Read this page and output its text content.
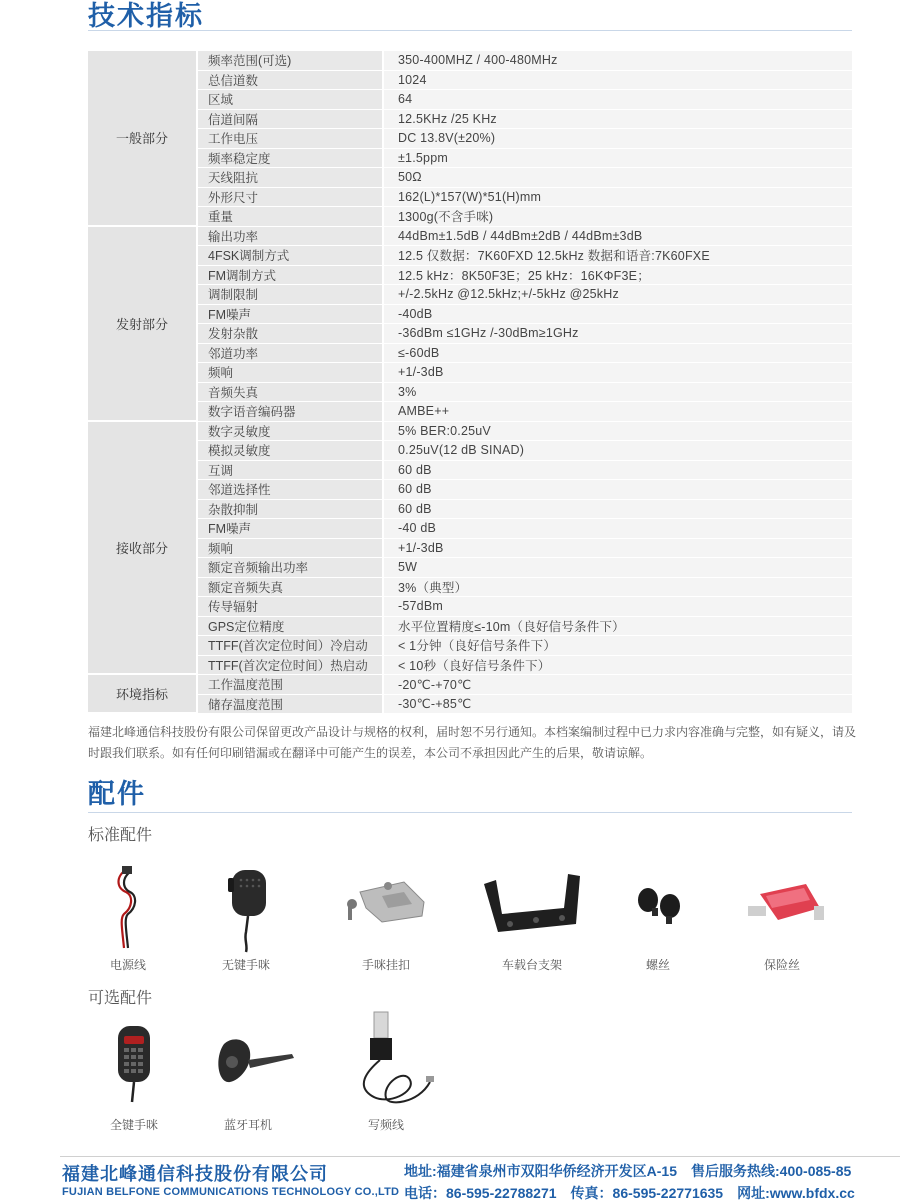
技术指标
一般部分	频率范围(可选)	350-400MHZ / 400-480MHz
	总信道数	1024
	区域	64
	信道间隔	12.5KHz /25 KHz
	工作电压	DC 13.8V(±20%)
	频率稳定度	±1.5ppm
	天线阻抗	50Ω
	外形尺寸	162(L)*157(W)*51(H)mm
	重量	1300g(不含手咪)
发射部分	输出功率	44dBm±1.5dB / 44dBm±2dB / 44dBm±3dB
	4FSK调制方式	12.5 仅数据：7K60FXD 12.5kHz 数据和语音:7K60FXE
	FM调制方式	12.5 kHz：8K50F3E；25 kHz：16KΦF3E；
	调制限制	+/-2.5kHz @12.5kHz;+/-5kHz @25kHz
	FM噪声	-40dB
	发射杂散	-36dBm ≤1GHz /-30dBm≥1GHz
	邻道功率	≤-60dB
	频响	+1/-3dB
	音频失真	3%
	数字语音编码器	AMBE++
接收部分	数字灵敏度	5% BER:0.25uV
	模拟灵敏度	0.25uV(12 dB SINAD)
	互调	60 dB
	邻道选择性	60 dB
	杂散抑制	60 dB
	FM噪声	-40 dB
	频响	+1/-3dB
	额定音频输出功率	5W
	额定音频失真	3%（典型）
	传导辐射	-57dBm
	GPS定位精度	水平位置精度≤-10m（良好信号条件下）
	TTFF(首次定位时间）冷启动	< 1分钟（良好信号条件下）
	TTFF(首次定位时间）热启动	< 10秒（良好信号条件下）
环境指标	工作温度范围	-20℃-+70℃
	储存温度范围	-30℃-+85℃
福建北峰通信科技股份有限公司保留更改产品设计与规格的权利，届时恕不另行通知。本档案编制过程中已力求内容准确与完整，如有疑义，请及时跟我们联系。如有任何印刷错漏或在翻译中可能产生的误差，本公司不承担因此产生的后果，敬请谅解。
配件
标准配件
电源线	无键手咪	手咪挂扣	车载台支架	螺丝	保险丝
可选配件
全键手咪	蓝牙耳机	写频线
福建北峰通信科技股份有限公司
FUJIAN BELFONE COMMUNICATIONS TECHNOLOGY CO.,LTD
地址:福建省泉州市双阳华侨经济开发区A-15 售后服务热线:400-085-85
电话：86-595-22788271 传真：86-595-22771635 网址:www.bfdx.cc
